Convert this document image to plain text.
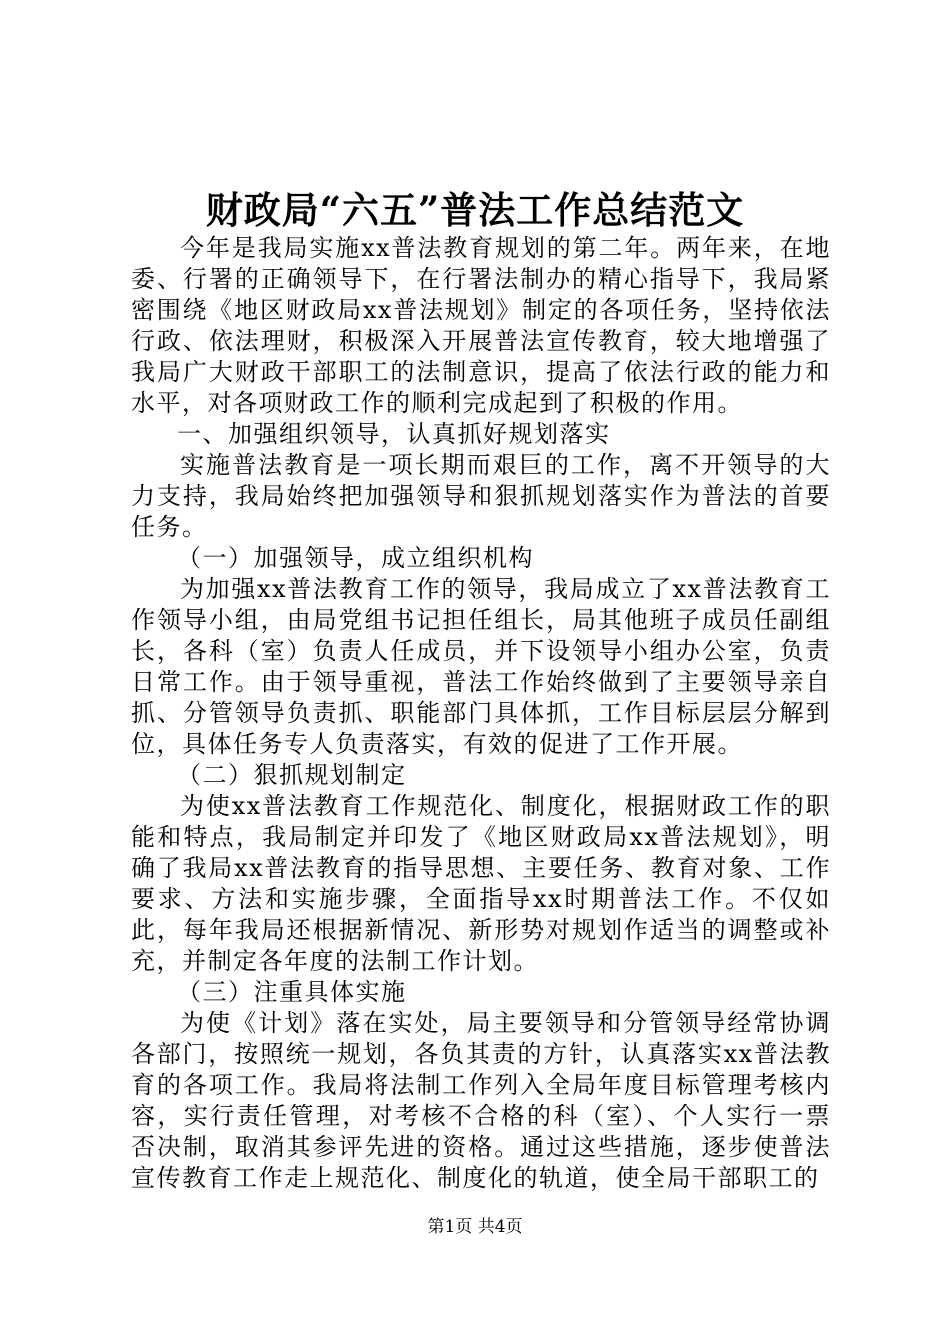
财政局“六五”普法工作总结范文

今年是我局实施xx普法教育规划的第二年。两年来，在地委、行署的正确领导下，在行署法制办的精心指导下，我局紧密围绕《地区财政局xx普法规划》制定的各项任务，坚持依法行政、依法理财，积极深入开展普法宣传教育，较大地增强了我局广大财政干部职工的法制意识，提高了依法行政的能力和水平，对各项财政工作的顺利完成起到了积极的作用。

一、加强组织领导，认真抓好规划落实

实施普法教育是一项长期而艰巨的工作，离不开领导的大力支持，我局始终把加强领导和狠抓规划落实作为普法的首要任务。

（一）加强领导，成立组织机构

为加强xx普法教育工作的领导，我局成立了xx普法教育工作领导小组，由局党组书记担任组长，局其他班子成员任副组长，各科（室）负责人任成员，并下设领导小组办公室，负责日常工作。由于领导重视，普法工作始终做到了主要领导亲自抓、分管领导负责抓、职能部门具体抓，工作目标层层分解到位，具体任务专人负责落实，有效的促进了工作开展。

（二）狠抓规划制定

为使xx普法教育工作规范化、制度化，根据财政工作的职能和特点，我局制定并印发了《地区财政局xx普法规划》，明确了我局xx普法教育的指导思想、主要任务、教育对象、工作要求、方法和实施步骤，全面指导xx时期普法工作。不仅如此，每年我局还根据新情况、新形势对规划作适当的调整或补充，并制定各年度的法制工作计划。

（三）注重具体实施

为使《计划》落在实处，局主要领导和分管领导经常协调各部门，按照统一规划，各负其责的方针，认真落实xx普法教育的各项工作。我局将法制工作列入全局年度目标管理考核内容，实行责任管理，对考核不合格的科（室）、个人实行一票否决制，取消其参评先进的资格。通过这些措施，逐步使普法宣传教育工作走上规范化、制度化的轨道，使全局干部职工的

第1页 共4页
